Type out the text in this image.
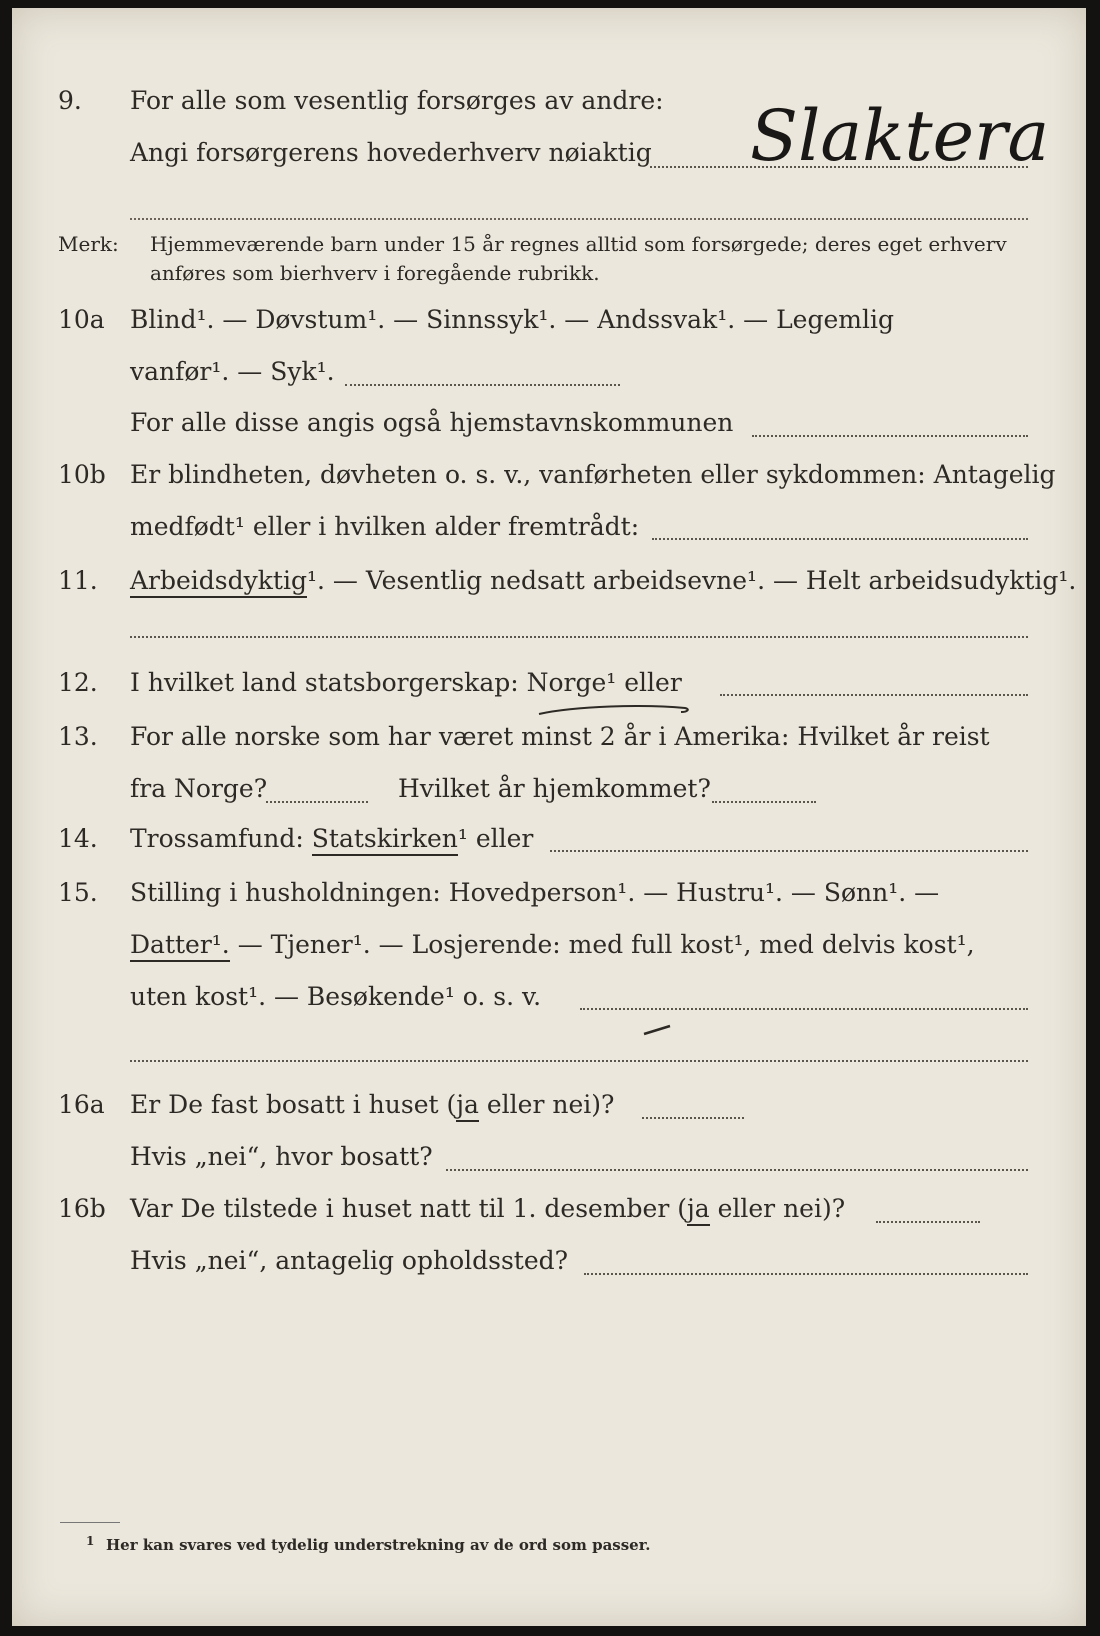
9. For alle som vesentlig forsørges av andre:
Angi forsørgerens hovederhverv nøiaktig Slaktera
Merk: Hjemmeværende barn under 15 år regnes alltid som forsørgede; deres eget erhverv
anføres som bierhverv i foregående rubrikk.
10a Blind¹. — Døvstum¹. — Sinnssyk¹. — Andssvak¹. — Legemlig
vanfør¹. — Syk¹.
For alle disse angis også hjemstavnskommunen
10b Er blindheten, døvheten o. s. v., vanførheten eller sykdommen: Antagelig
medfødt¹ eller i hvilken alder fremtrådt:
11. Arbeidsdyktig¹. — Vesentlig nedsatt arbeidsevne¹. — Helt arbeidsudyktig¹.
12. I hvilket land statsborgerskap: Norge¹ eller
13. For alle norske som har været minst 2 år i Amerika: Hvilket år reist
fra Norge?	Hvilket år hjemkommet?
14. Trossamfund: Statskirken¹ eller
15. Stilling i husholdningen: Hovedperson¹. — Hustru¹. — Sønn¹. —
Datter¹. — Tjener¹. — Losjerende: med full kost¹, med delvis kost¹,
uten kost¹. — Besøkende¹ o. s. v.
16a Er De fast bosatt i huset (ja eller nei)?
Hvis „nei“, hvor bosatt?
16b Var De tilstede i huset natt til 1. desember (ja eller nei)?
Hvis „nei“, antagelig opholdssted?
1 Her kan svares ved tydelig understrekning av de ord som passer.
